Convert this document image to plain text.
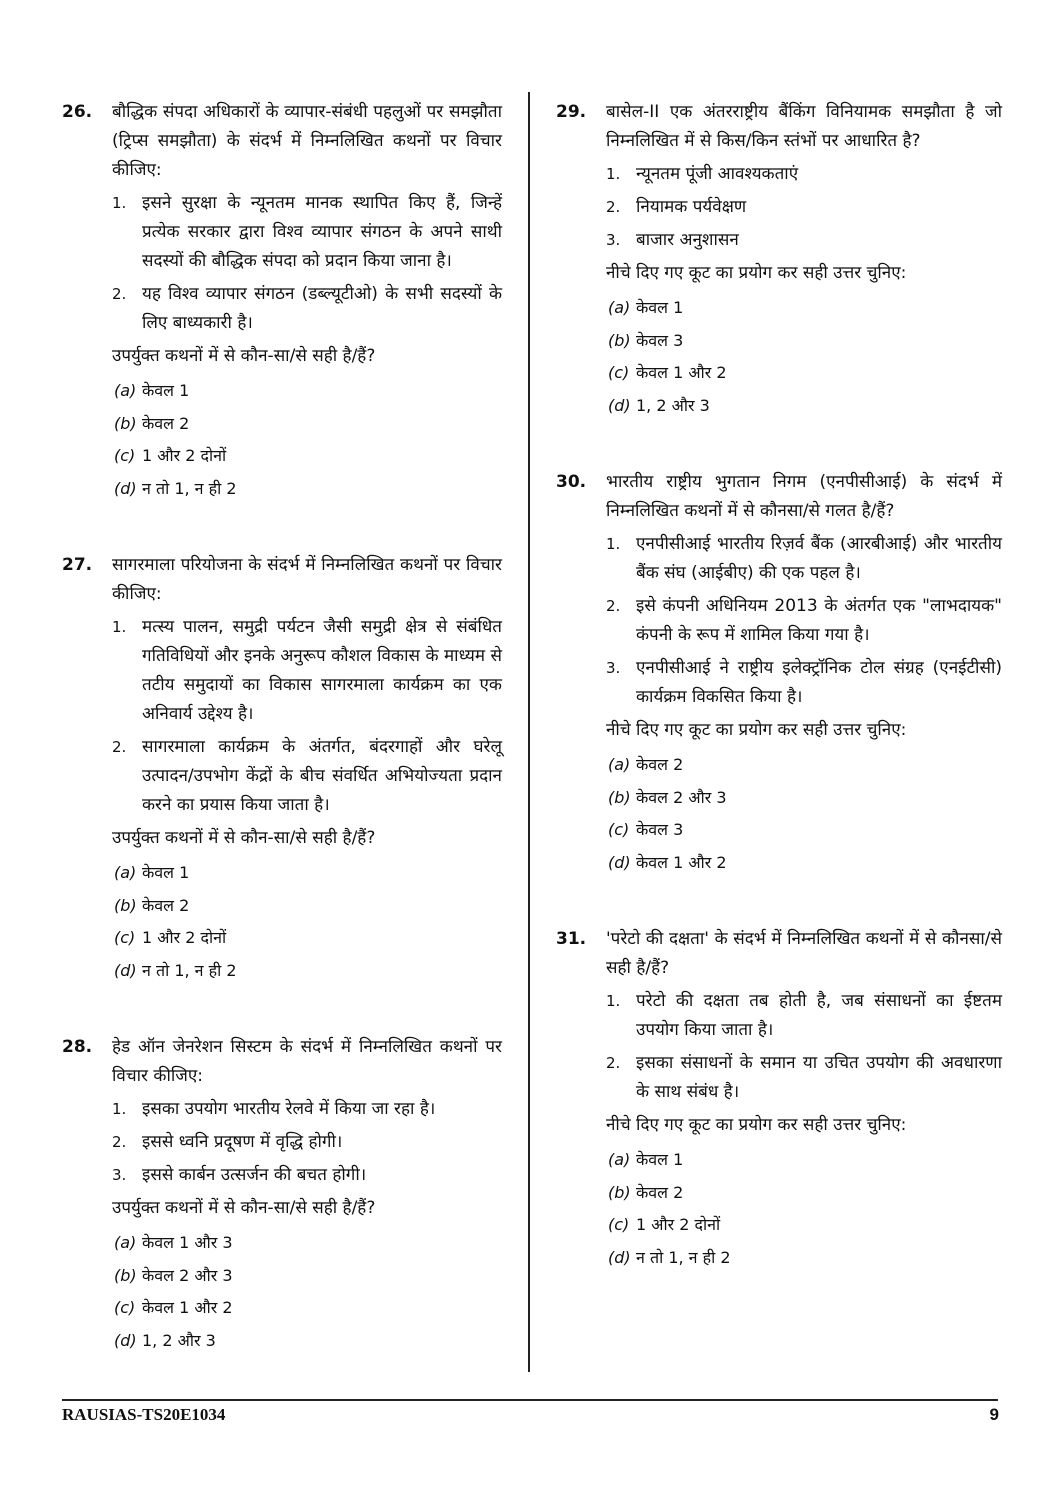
26.	बौद्धिक संपदा अधिकारों के व्यापार-संबंधी पहलुओं पर समझौता (ट्रिप्स समझौता) के संदर्भ में निम्नलिखित कथनों पर विचार कीजिए:
1. इसने सुरक्षा के न्यूनतम मानक स्थापित किए हैं, जिन्हें प्रत्येक सरकार द्वारा विश्व व्यापार संगठन के अपने साथी सदस्यों की बौद्धिक संपदा को प्रदान किया जाना है।
2. यह विश्व व्यापार संगठन (डब्ल्यूटीओ) के सभी सदस्यों के लिए बाध्यकारी है।
उपर्युक्त कथनों में से कौन-सा/से सही है/हैं?
(a) केवल 1
(b) केवल 2
(c) 1 और 2 दोनों
(d) न तो 1, न ही 2
27.	सागरमाला परियोजना के संदर्भ में निम्नलिखित कथनों पर विचार कीजिए:
1. मत्स्य पालन, समुद्री पर्यटन जैसी समुद्री क्षेत्र से संबंधित गतिविधियों और इनके अनुरूप कौशल विकास के माध्यम से तटीय समुदायों का विकास सागरमाला कार्यक्रम का एक अनिवार्य उद्देश्य है।
2. सागरमाला कार्यक्रम के अंतर्गत, बंदरगाहों और घरेलू उत्पादन/उपभोग केंद्रों के बीच संवर्धित अभियोज्यता प्रदान करने का प्रयास किया जाता है।
उपर्युक्त कथनों में से कौन-सा/से सही है/हैं?
(a) केवल 1
(b) केवल 2
(c) 1 और 2 दोनों
(d) न तो 1, न ही 2
28.	हेड ऑन जेनरेशन सिस्टम के संदर्भ में निम्नलिखित कथनों पर विचार कीजिए:
1. इसका उपयोग भारतीय रेलवे में किया जा रहा है।
2. इससे ध्वनि प्रदूषण में वृद्धि होगी।
3. इससे कार्बन उत्सर्जन की बचत होगी।
उपर्युक्त कथनों में से कौन-सा/से सही है/हैं?
(a) केवल 1 और 3
(b) केवल 2 और 3
(c) केवल 1 और 2
(d) 1, 2 और 3
29.	बासेल-II एक अंतरराष्ट्रीय बैंकिंग विनियामक समझौता है जो निम्नलिखित में से किस/किन स्तंभों पर आधारित है?
1. न्यूनतम पूंजी आवश्यकताएं
2. नियामक पर्यवेक्षण
3. बाजार अनुशासन
नीचे दिए गए कूट का प्रयोग कर सही उत्तर चुनिए:
(a) केवल 1
(b) केवल 3
(c) केवल 1 और 2
(d) 1, 2 और 3
30.	भारतीय राष्ट्रीय भुगतान निगम (एनपीसीआई) के संदर्भ में निम्नलिखित कथनों में से कौनसा/से गलत है/हैं?
1. एनपीसीआई भारतीय रिज़र्व बैंक (आरबीआई) और भारतीय बैंक संघ (आईबीए) की एक पहल है।
2. इसे कंपनी अधिनियम 2013 के अंतर्गत एक "लाभदायक" कंपनी के रूप में शामिल किया गया है।
3. एनपीसीआई ने राष्ट्रीय इलेक्ट्रॉनिक टोल संग्रह (एनईटीसी) कार्यक्रम विकसित किया है।
नीचे दिए गए कूट का प्रयोग कर सही उत्तर चुनिए:
(a) केवल 2
(b) केवल 2 और 3
(c) केवल 3
(d) केवल 1 और 2
31.	'परेटो की दक्षता' के संदर्भ में निम्नलिखित कथनों में से कौनसा/से सही है/हैं?
1. परेटो की दक्षता तब होती है, जब संसाधनों का ईष्टतम उपयोग किया जाता है।
2. इसका संसाधनों के समान या उचित उपयोग की अवधारणा के साथ संबंध है।
नीचे दिए गए कूट का प्रयोग कर सही उत्तर चुनिए:
(a) केवल 1
(b) केवल 2
(c) 1 और 2 दोनों
(d) न तो 1, न ही 2
RAUSIAS-TS20E1034	9
